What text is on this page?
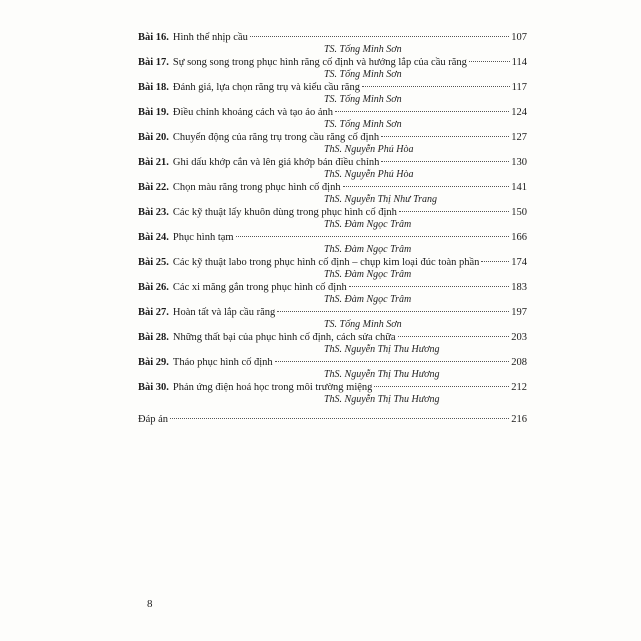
Bài 16. Hình thể nhịp cầu	107
TS. Tống Minh Sơn
Bài 17. Sự song song trong phục hình răng cố định và hướng lắp của cầu răng	114
TS. Tống Minh Sơn
Bài 18. Đánh giá, lựa chọn răng trụ và kiểu cầu răng	117
TS. Tống Minh Sơn
Bài 19. Điều chỉnh khoảng cách và tạo ảo ảnh	124
TS. Tống Minh Sơn
Bài 20. Chuyển động của răng trụ trong cầu răng cố định	127
ThS. Nguyễn Phú Hòa
Bài 21. Ghi dấu khớp cắn và lên giá khớp bán điều chỉnh	130
ThS. Nguyễn Phú Hòa
Bài 22. Chọn màu răng trong phục hình cố định	141
ThS. Nguyễn Thị Như Trang
Bài 23. Các kỹ thuật lấy khuôn dùng trong phục hình cố định	150
ThS. Đàm Ngọc Trâm
Bài 24. Phục hình tạm	166
ThS. Đàm Ngọc Trâm
Bài 25. Các kỹ thuật labo trong phục hình cố định – chụp kim loại đúc toàn phần	174
ThS. Đàm Ngọc Trâm
Bài 26. Các xi măng gắn trong phục hình cố định	183
ThS. Đàm Ngọc Trâm
Bài 27. Hoàn tất và lắp cầu răng	197
TS. Tống Minh Sơn
Bài 28. Những thất bại của phục hình cố định, cách sửa chữa	203
ThS. Nguyễn Thị Thu Hương
Bài 29. Tháo phục hình cố định	208
ThS. Nguyễn Thị Thu Hương
Bài 30. Phản ứng điện hoá học trong môi trường miệng	212
ThS. Nguyễn Thị Thu Hương
Đáp án	216
8
